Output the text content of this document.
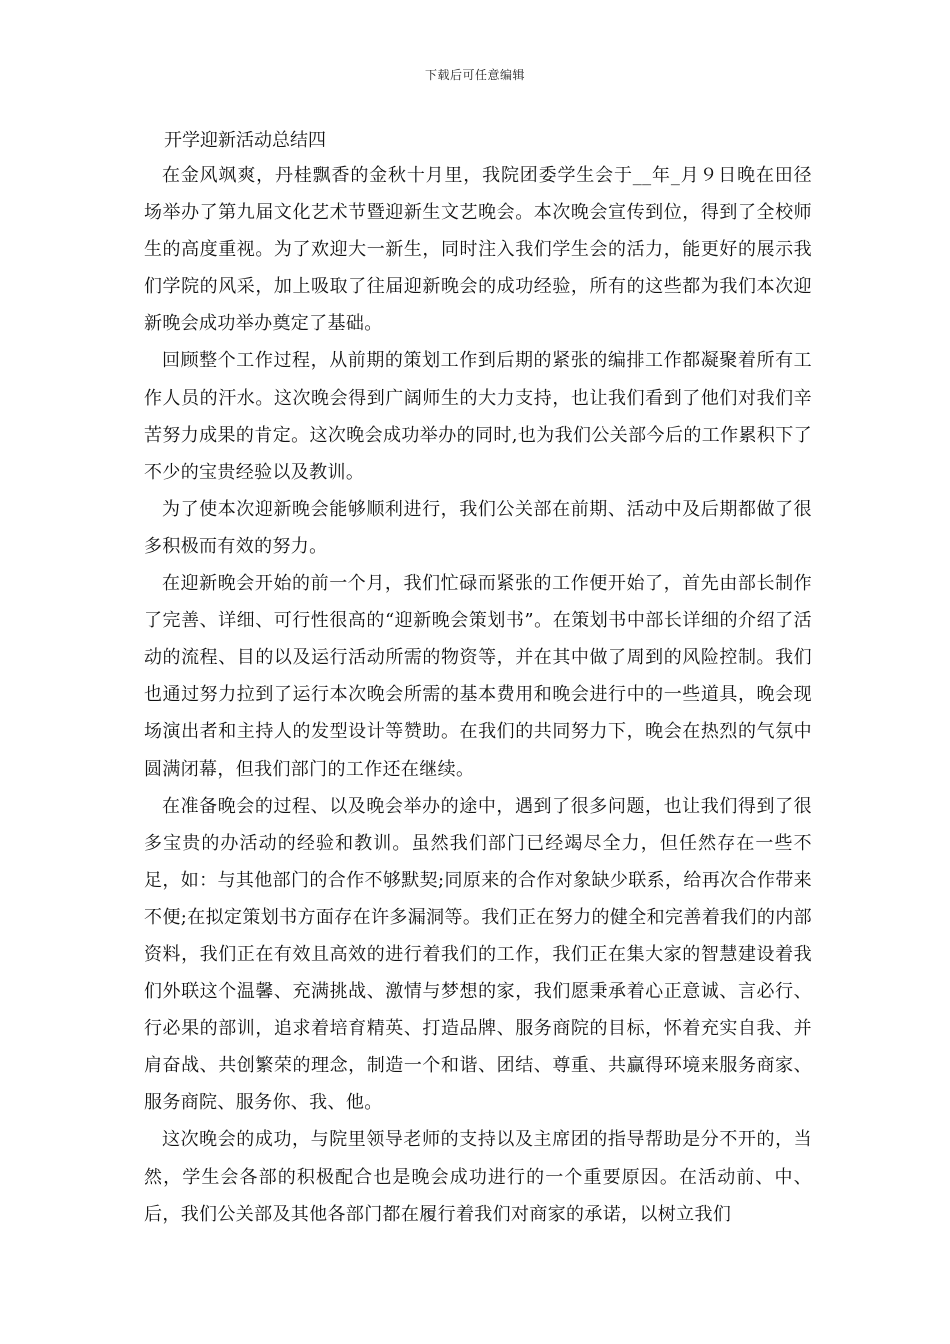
下载后可任意编辑

开学迎新活动总结四

在金风飒爽，丹桂飘香的金秋十月里，我院团委学生会于__年_月９日晚在田径场举办了第九届文化艺术节暨迎新生文艺晚会。本次晚会宣传到位，得到了全校师生的高度重视。为了欢迎大一新生，同时注入我们学生会的活力，能更好的展示我们学院的风采，加上吸取了往届迎新晚会的成功经验，所有的这些都为我们本次迎新晚会成功举办奠定了基础。

回顾整个工作过程，从前期的策划工作到后期的紧张的编排工作都凝聚着所有工作人员的汗水。这次晚会得到广阔师生的大力支持，也让我们看到了他们对我们辛苦努力成果的肯定。这次晚会成功举办的同时,也为我们公关部今后的工作累积下了不少的宝贵经验以及教训。

为了使本次迎新晚会能够顺利进行，我们公关部在前期、活动中及后期都做了很多积极而有效的努力。

在迎新晚会开始的前一个月，我们忙碌而紧张的工作便开始了，首先由部长制作了完善、详细、可行性很高的“迎新晚会策划书”。在策划书中部长详细的介绍了活动的流程、目的以及运行活动所需的物资等，并在其中做了周到的风险控制。我们也通过努力拉到了运行本次晚会所需的基本费用和晚会进行中的一些道具，晚会现场演出者和主持人的发型设计等赞助。在我们的共同努力下，晚会在热烈的气氛中圆满闭幕，但我们部门的工作还在继续。

在准备晚会的过程、以及晚会举办的途中，遇到了很多问题，也让我们得到了很多宝贵的办活动的经验和教训。虽然我们部门已经竭尽全力，但任然存在一些不足，如：与其他部门的合作不够默契;同原来的合作对象缺少联系，给再次合作带来不便;在拟定策划书方面存在许多漏洞等。我们正在努力的健全和完善着我们的内部资料，我们正在有效且高效的进行着我们的工作，我们正在集大家的智慧建设着我们外联这个温馨、充满挑战、激情与梦想的家，我们愿秉承着心正意诚、言必行、行必果的部训，追求着培育精英、打造品牌、服务商院的目标，怀着充实自我、并肩奋战、共创繁荣的理念，制造一个和谐、团结、尊重、共赢得环境来服务商家、服务商院、服务你、我、他。

这次晚会的成功，与院里领导老师的支持以及主席团的指导帮助是分不开的，当然，学生会各部的积极配合也是晚会成功进行的一个重要原因。在活动前、中、后，我们公关部及其他各部门都在履行着我们对商家的承诺，以树立我们
